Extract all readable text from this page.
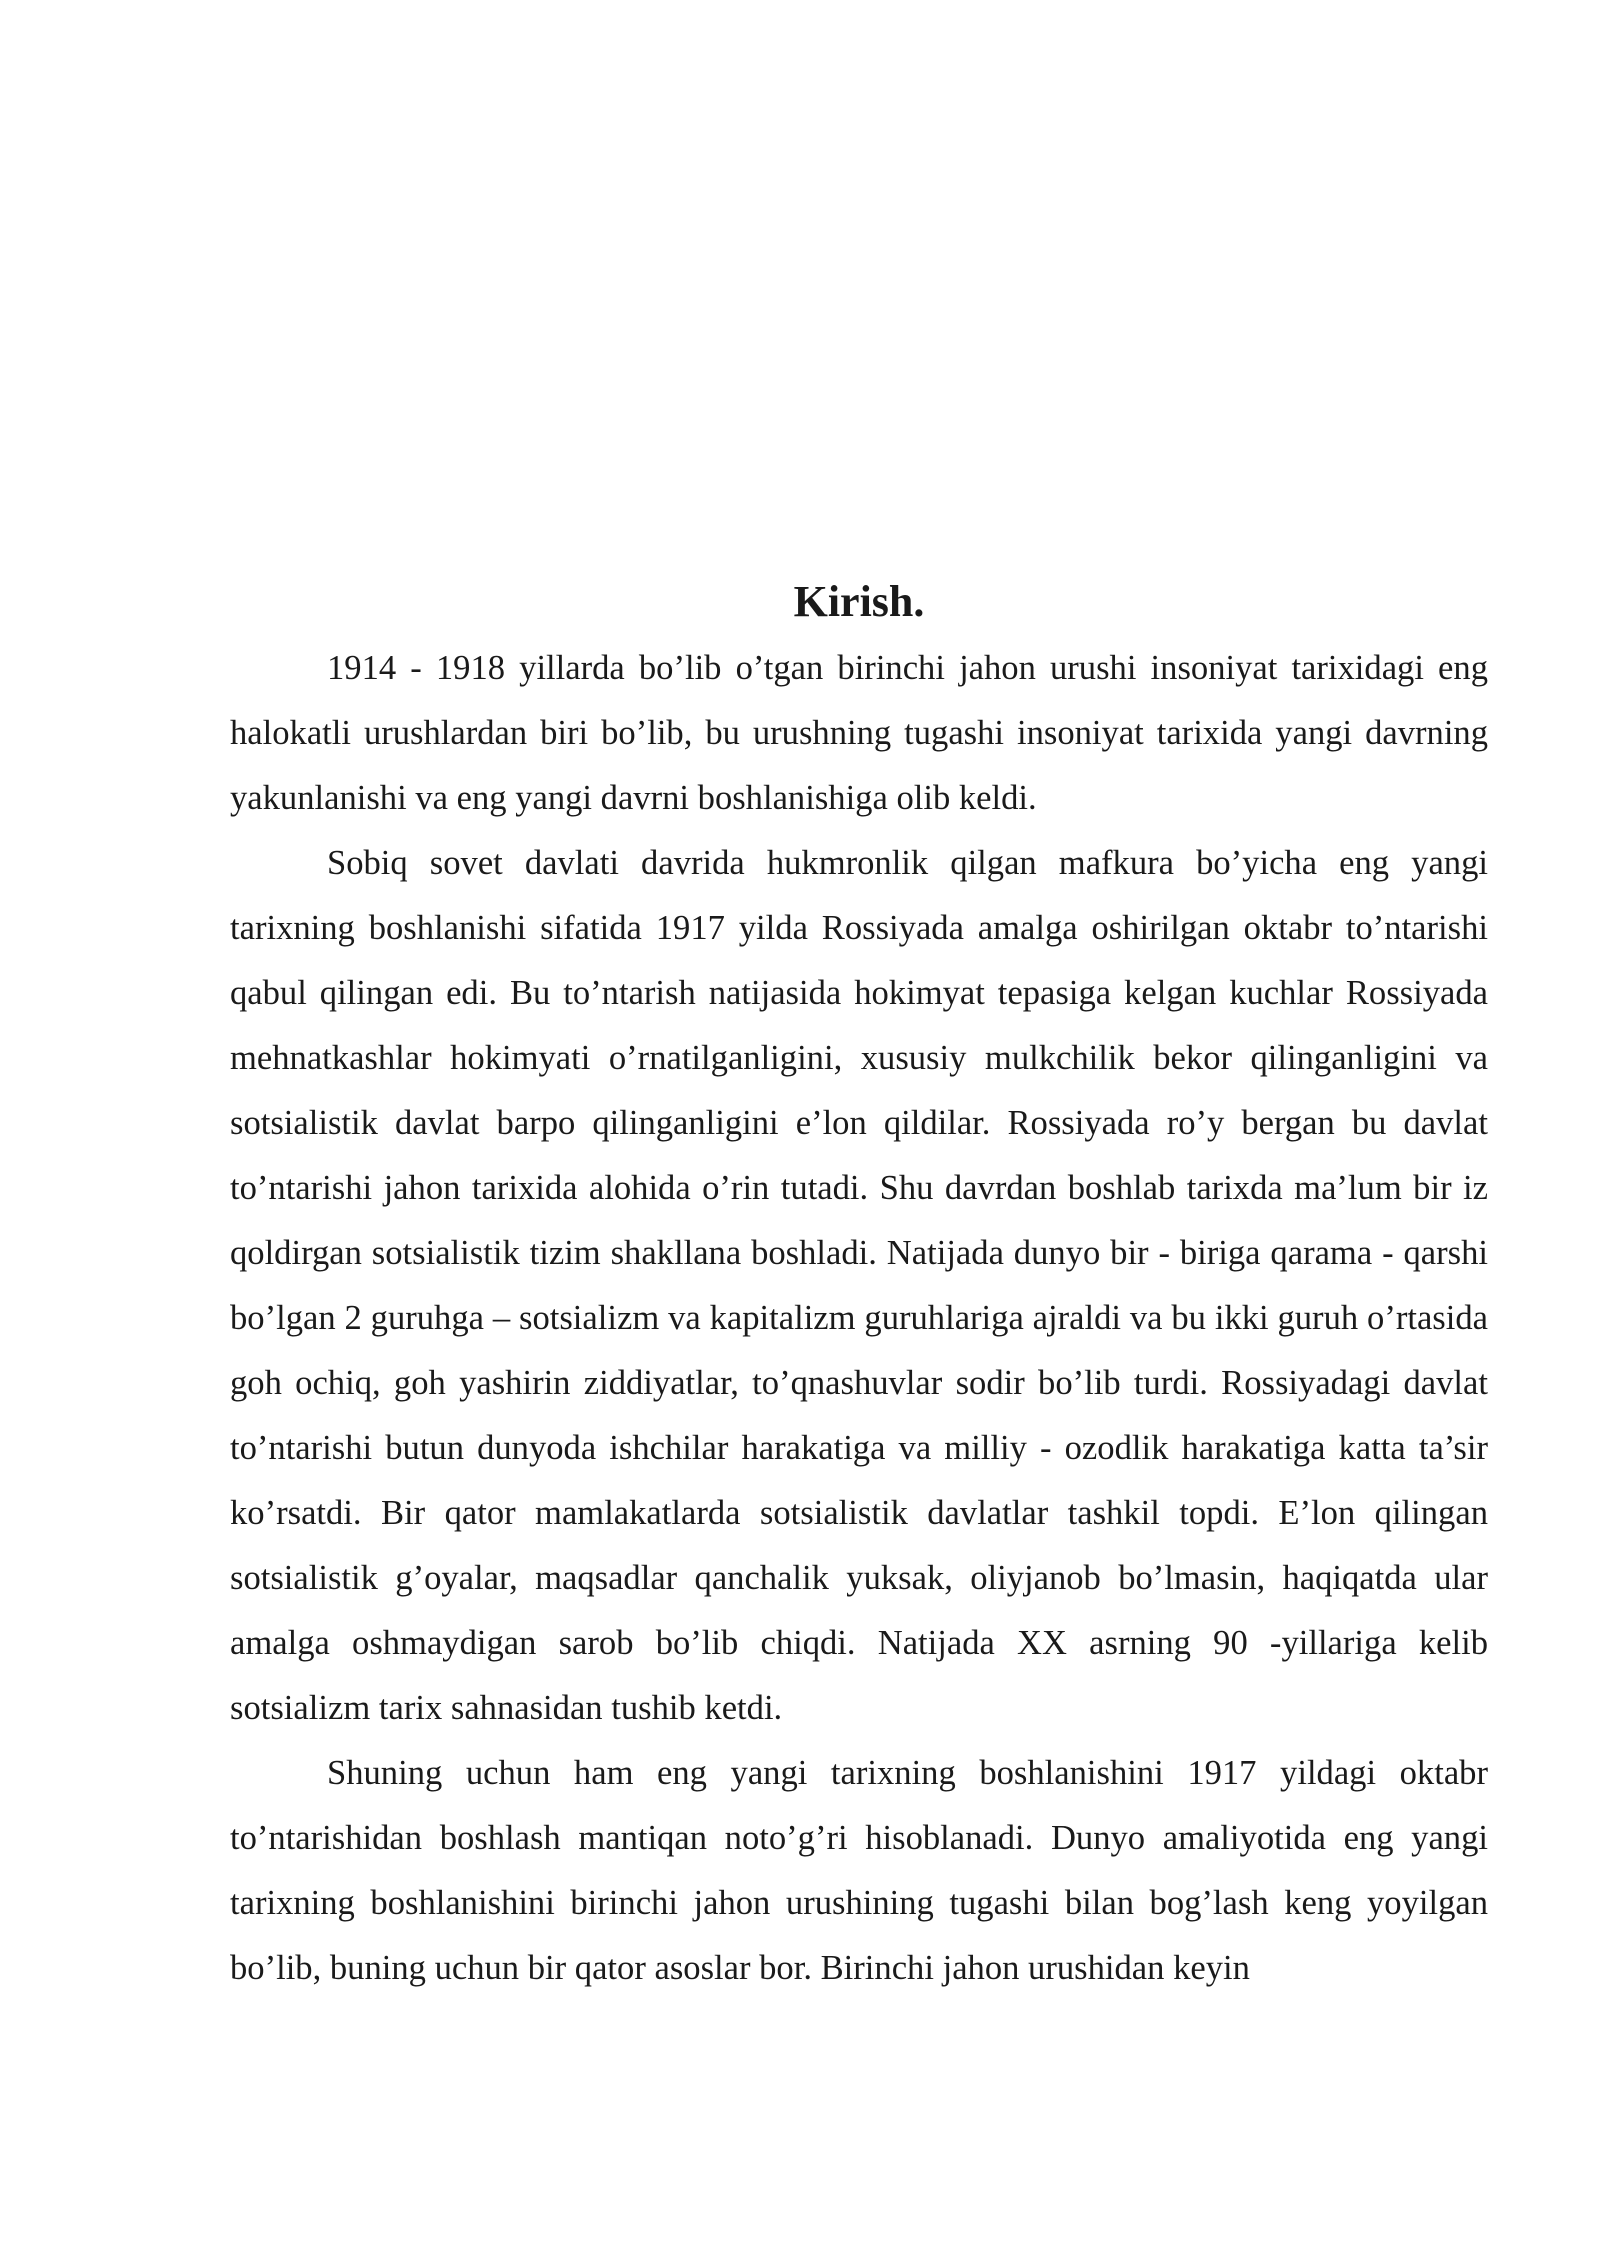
Kirish.

1914 - 1918 yillarda bo’lib o’tgan birinchi jahon urushi insoniyat tarixidagi eng halokatli urushlardan biri bo’lib, bu urushning tugashi insoniyat tarixida yangi davrning yakunlanishi va eng yangi davrni boshlanishiga olib keldi.

Sobiq sovet davlati davrida hukmronlik qilgan mafkura bo’yicha eng yangi tarixning boshlanishi sifatida 1917 yilda Rossiyada amalga oshirilgan oktabr to’ntarishi qabul qilingan edi. Bu to’ntarish natijasida hokimyat tepasiga kelgan kuchlar Rossiyada mehnatkashlar hokimyati o’rnatilganligini, xususiy mulkchilik bekor qilinganligini va sotsialistik davlat barpo qilinganligini e’lon qildilar. Rossiyada ro’y bergan bu davlat to’ntarishi jahon tarixida alohida o’rin tutadi. Shu davrdan boshlab tarixda ma’lum bir iz qoldirgan sotsialistik tizim shakllana boshladi. Natijada dunyo bir - biriga qarama - qarshi bo’lgan 2 guruhga – sotsializm va kapitalizm guruhlariga ajraldi va bu ikki guruh o’rtasida goh ochiq, goh yashirin ziddiyatlar, to’qnashuvlar sodir bo’lib turdi. Rossiyadagi davlat to’ntarishi butun dunyoda ishchilar harakatiga va milliy - ozodlik harakatiga katta ta’sir ko’rsatdi. Bir qator mamlakatlarda sotsialistik davlatlar tashkil topdi. E’lon qilingan sotsialistik g’oyalar, maqsadlar qanchalik yuksak, oliyjanob bo’lmasin, haqiqatda ular amalga oshmaydigan sarob bo’lib chiqdi. Natijada XX asrning 90 -yillariga kelib sotsializm tarix sahnasidan tushib ketdi.

Shuning uchun ham eng yangi tarixning boshlanishini 1917 yildagi oktabr to’ntarishidan boshlash mantiqan noto’g’ri hisoblanadi. Dunyo amaliyotida eng yangi tarixning boshlanishini birinchi jahon urushining tugashi bilan bog’lash keng yoyilgan bo’lib, buning uchun bir qator asoslar bor. Birinchi jahon urushidan keyin
